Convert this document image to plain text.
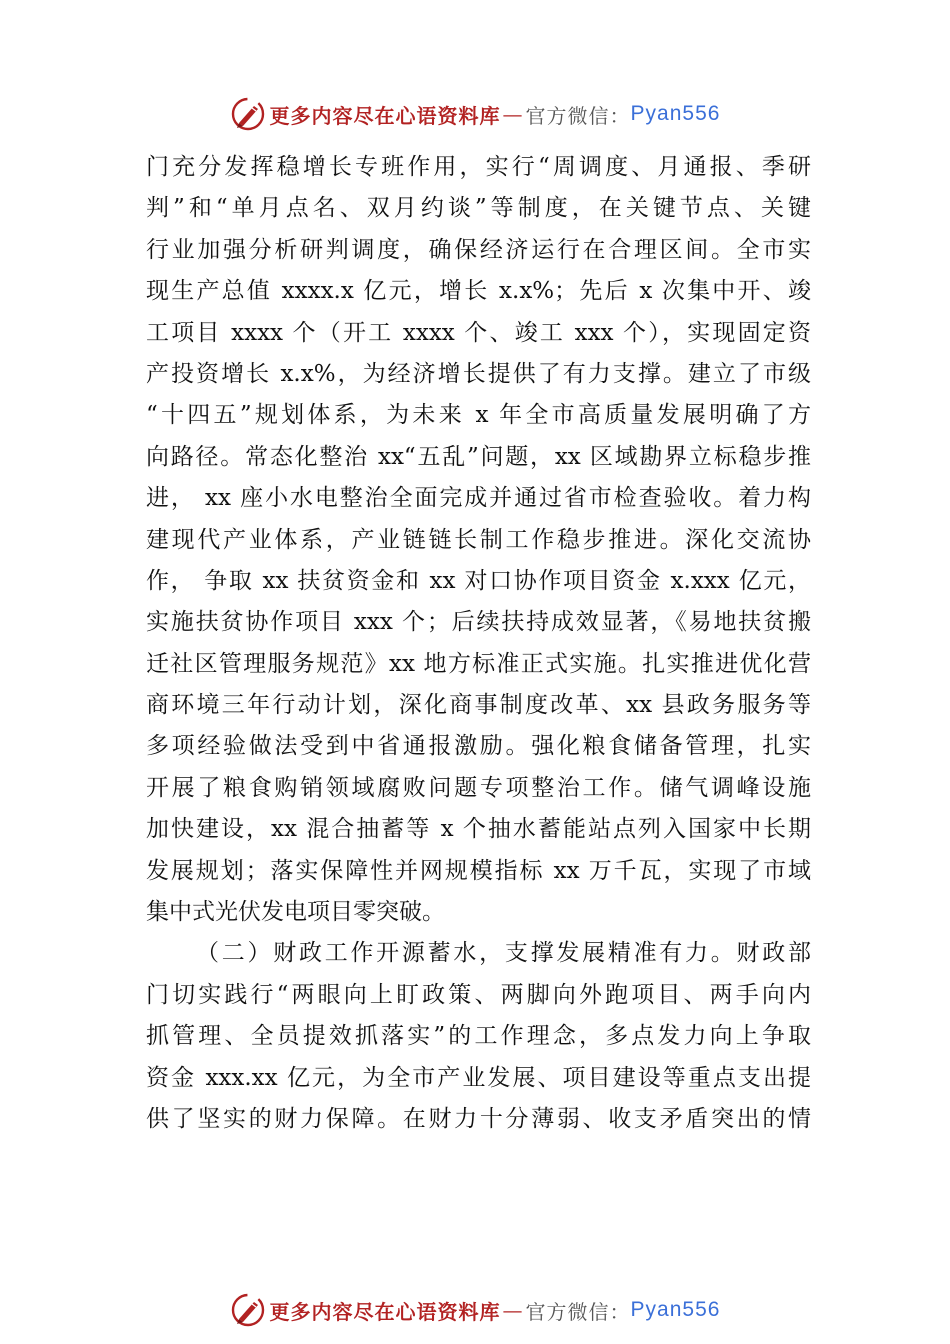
更多内容尽在心语资料库 — 官方微信： Pyan556
门充分发挥稳增长专班作用，实行“周调度、月通报、季研
判”和“单月点名、双月约谈”等制度，在关键节点、关键
行业加强分析研判调度，确保经济运行在合理区间。全市实
现生产总值 xxxx.x 亿元，增长 x.x%；先后 x 次集中开、竣
工项目 xxxx 个（开工 xxxx 个、竣工 xxx 个），实现固定资
产投资增长 x.x%，为经济增长提供了有力支撑。建立了市级
“十四五”规划体系，为未来 x 年全市高质量发展明确了方
向路径。常态化整治 xx“五乱”问题，xx 区域勘界立标稳步推
进， xx 座小水电整治全面完成并通过省市检查验收。着力构
建现代产业体系，产业链链长制工作稳步推进。深化交流协
作， 争取 xx 扶贫资金和 xx 对口协作项目资金 x.xxx 亿元，
实施扶贫协作项目 xxx 个；后续扶持成效显著，《易地扶贫搬
迁社区管理服务规范》xx 地方标准正式实施。扎实推进优化营
商环境三年行动计划，深化商事制度改革、xx 县政务服务等
多项经验做法受到中省通报激励。强化粮食储备管理，扎实
开展了粮食购销领域腐败问题专项整治工作。储气调峰设施
加快建设，xx 混合抽蓄等 x 个抽水蓄能站点列入国家中长期
发展规划；落实保障性并网规模指标 xx 万千瓦，实现了市域
集中式光伏发电项目零突破。
（二）财政工作开源蓄水，支撑发展精准有力。财政部
门切实践行“两眼向上盯政策、两脚向外跑项目、两手向内
抓管理、全员提效抓落实”的工作理念，多点发力向上争取
资金 xxx.xx 亿元，为全市产业发展、项目建设等重点支出提
供了坚实的财力保障。在财力十分薄弱、收支矛盾突出的情
更多内容尽在心语资料库 — 官方微信： Pyan556
